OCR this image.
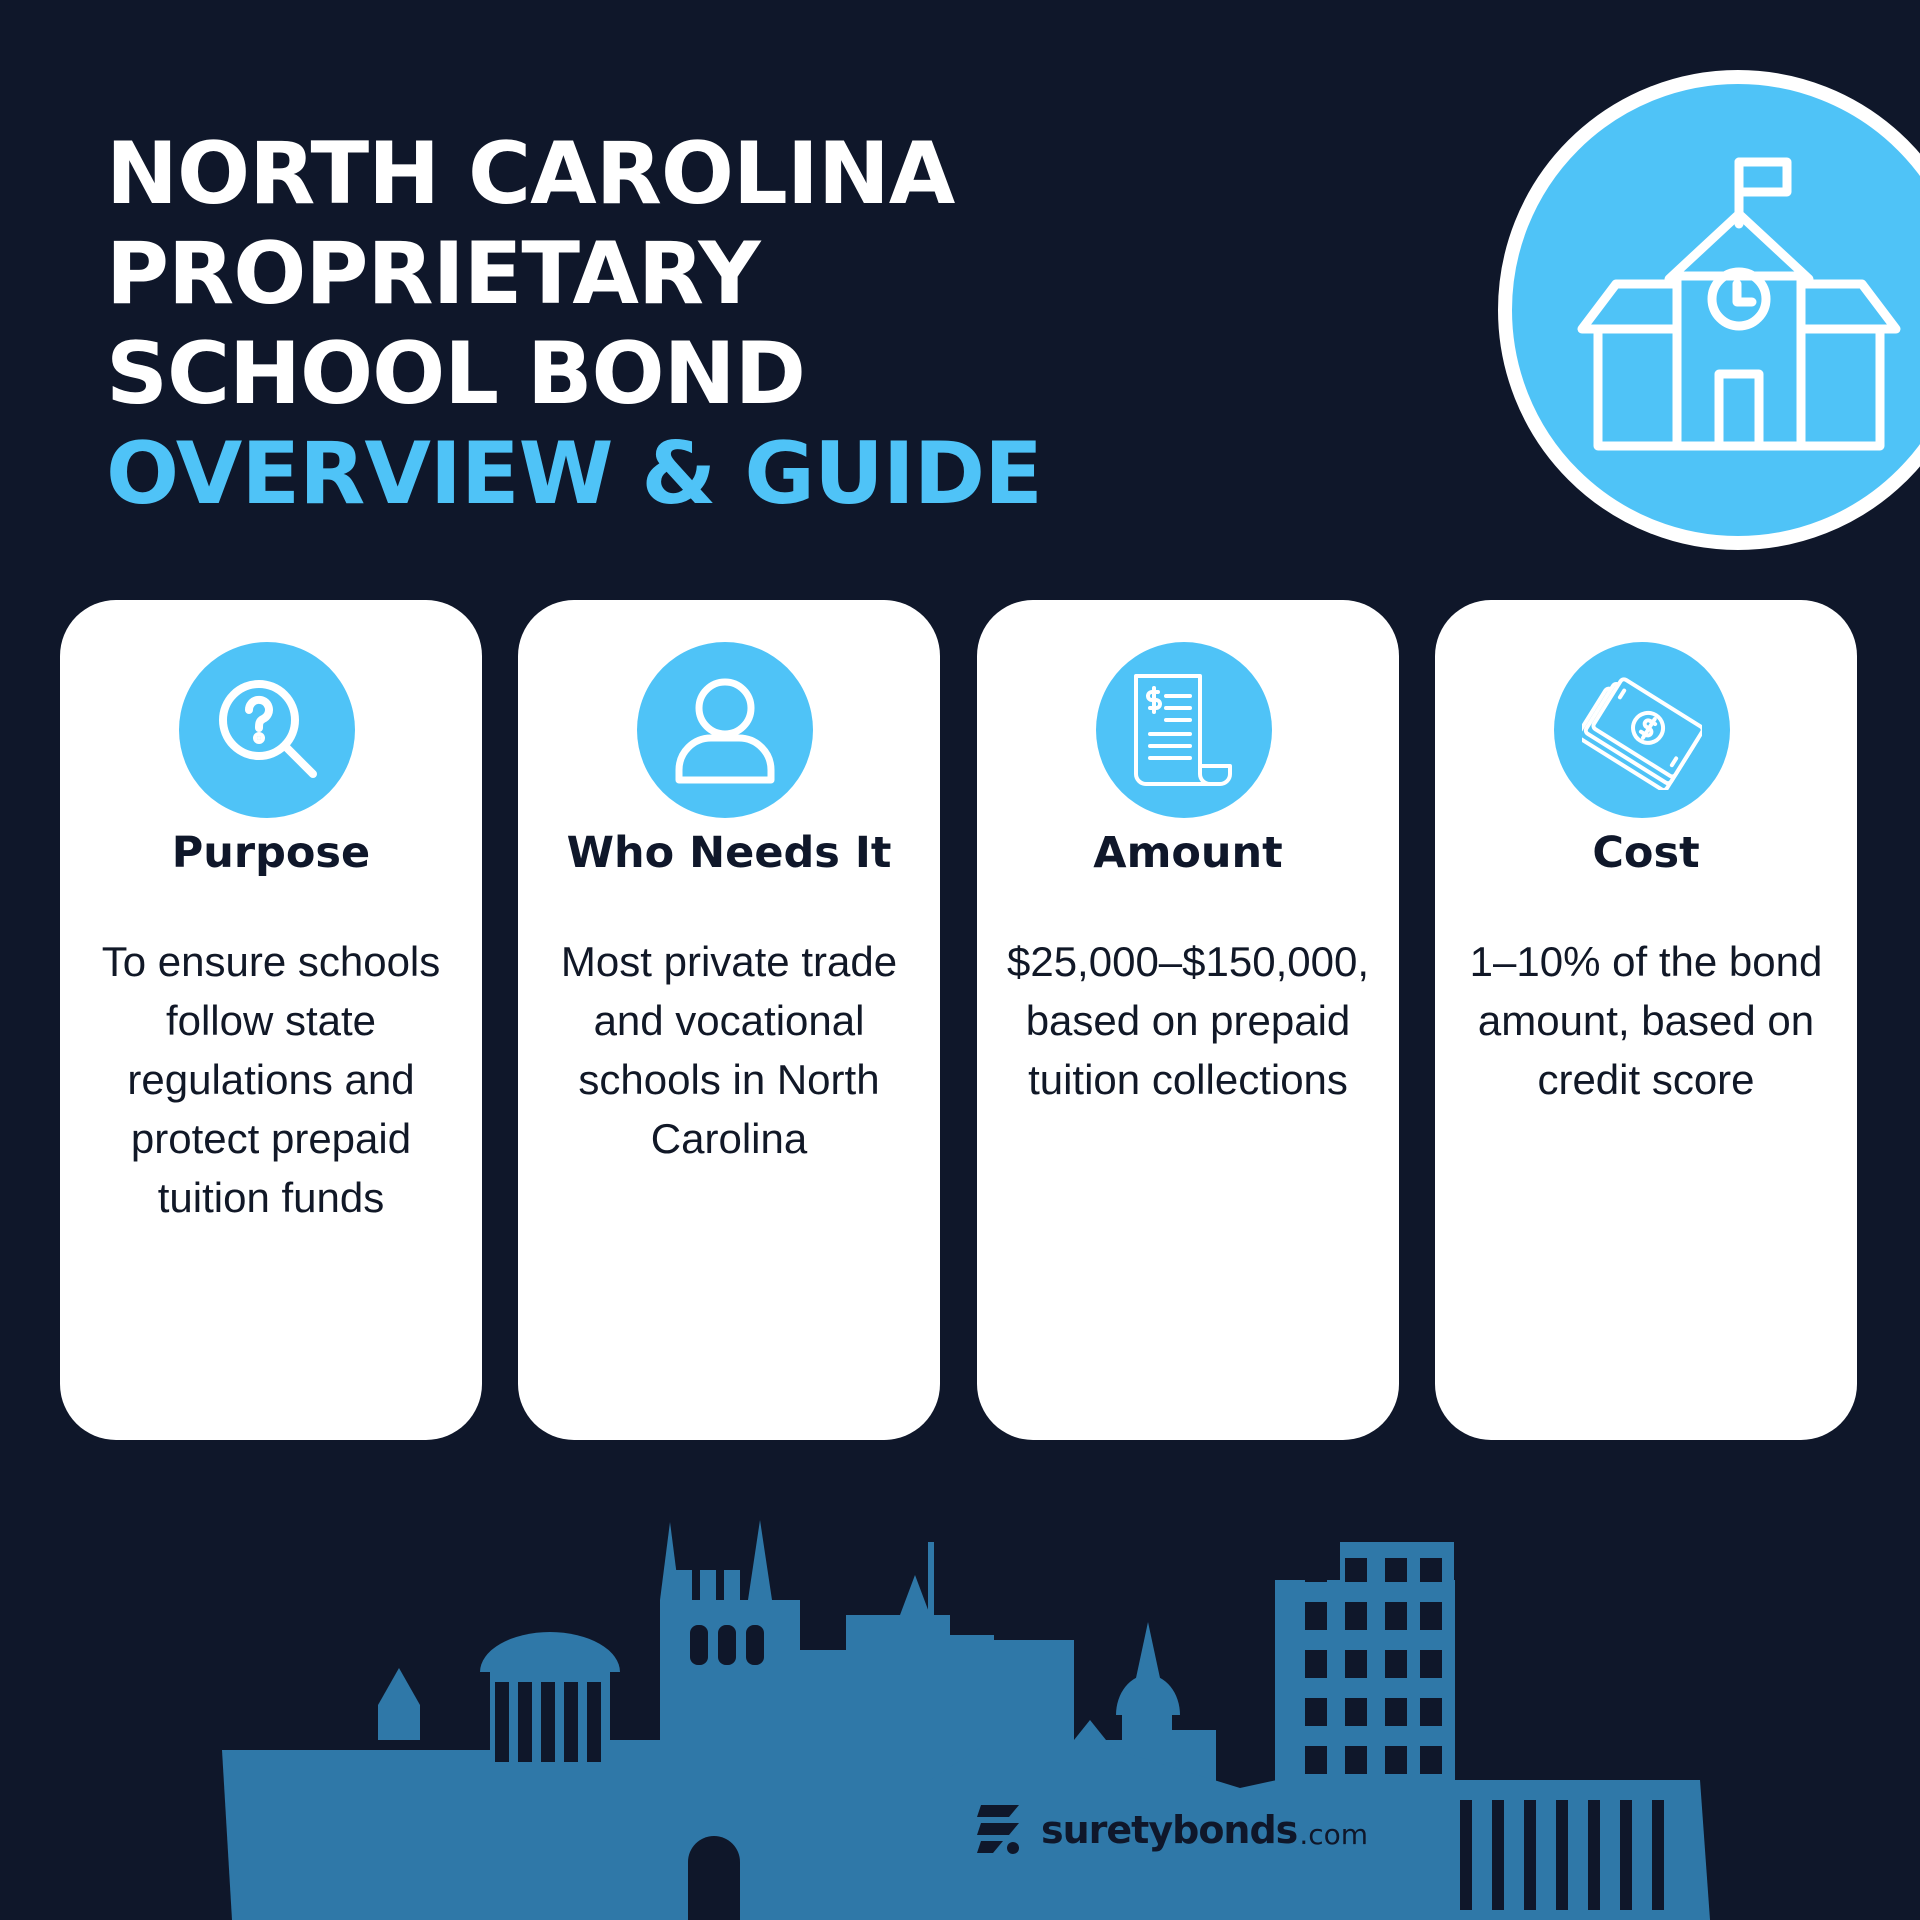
NORTH CAROLINA
PROPRIETARY
SCHOOL BOND
OVERVIEW & GUIDE
Purpose
To ensure schools
follow state
regulations and
protect prepaid
tuition funds
Who Needs It
Most private trade
and vocational
schools in North
Carolina
Amount
$25,000–$150,000,
based on prepaid
tuition collections
Cost
1–10% of the bond
amount, based on
credit score
suretybonds .com
